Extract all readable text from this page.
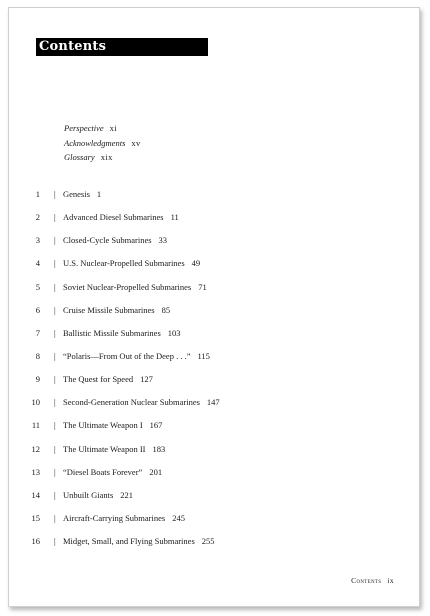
Contents
Perspective xi
Acknowledgments xv
Glossary xix
1 | Genesis 1
2 | Advanced Diesel Submarines 11
3 | Closed-Cycle Submarines 33
4 | U.S. Nuclear-Propelled Submarines 49
5 | Soviet Nuclear-Propelled Submarines 71
6 | Cruise Missile Submarines 85
7 | Ballistic Missile Submarines 103
8 | “Polaris—From Out of the Deep . . .” 115
9 | The Quest for Speed 127
10 | Second-Generation Nuclear Submarines 147
11 | The Ultimate Weapon I 167
12 | The Ultimate Weapon II 183
13 | “Diesel Boats Forever” 201
14 | Unbuilt Giants 221
15 | Aircraft-Carrying Submarines 245
16 | Midget, Small, and Flying Submarines 255
Contents ix
